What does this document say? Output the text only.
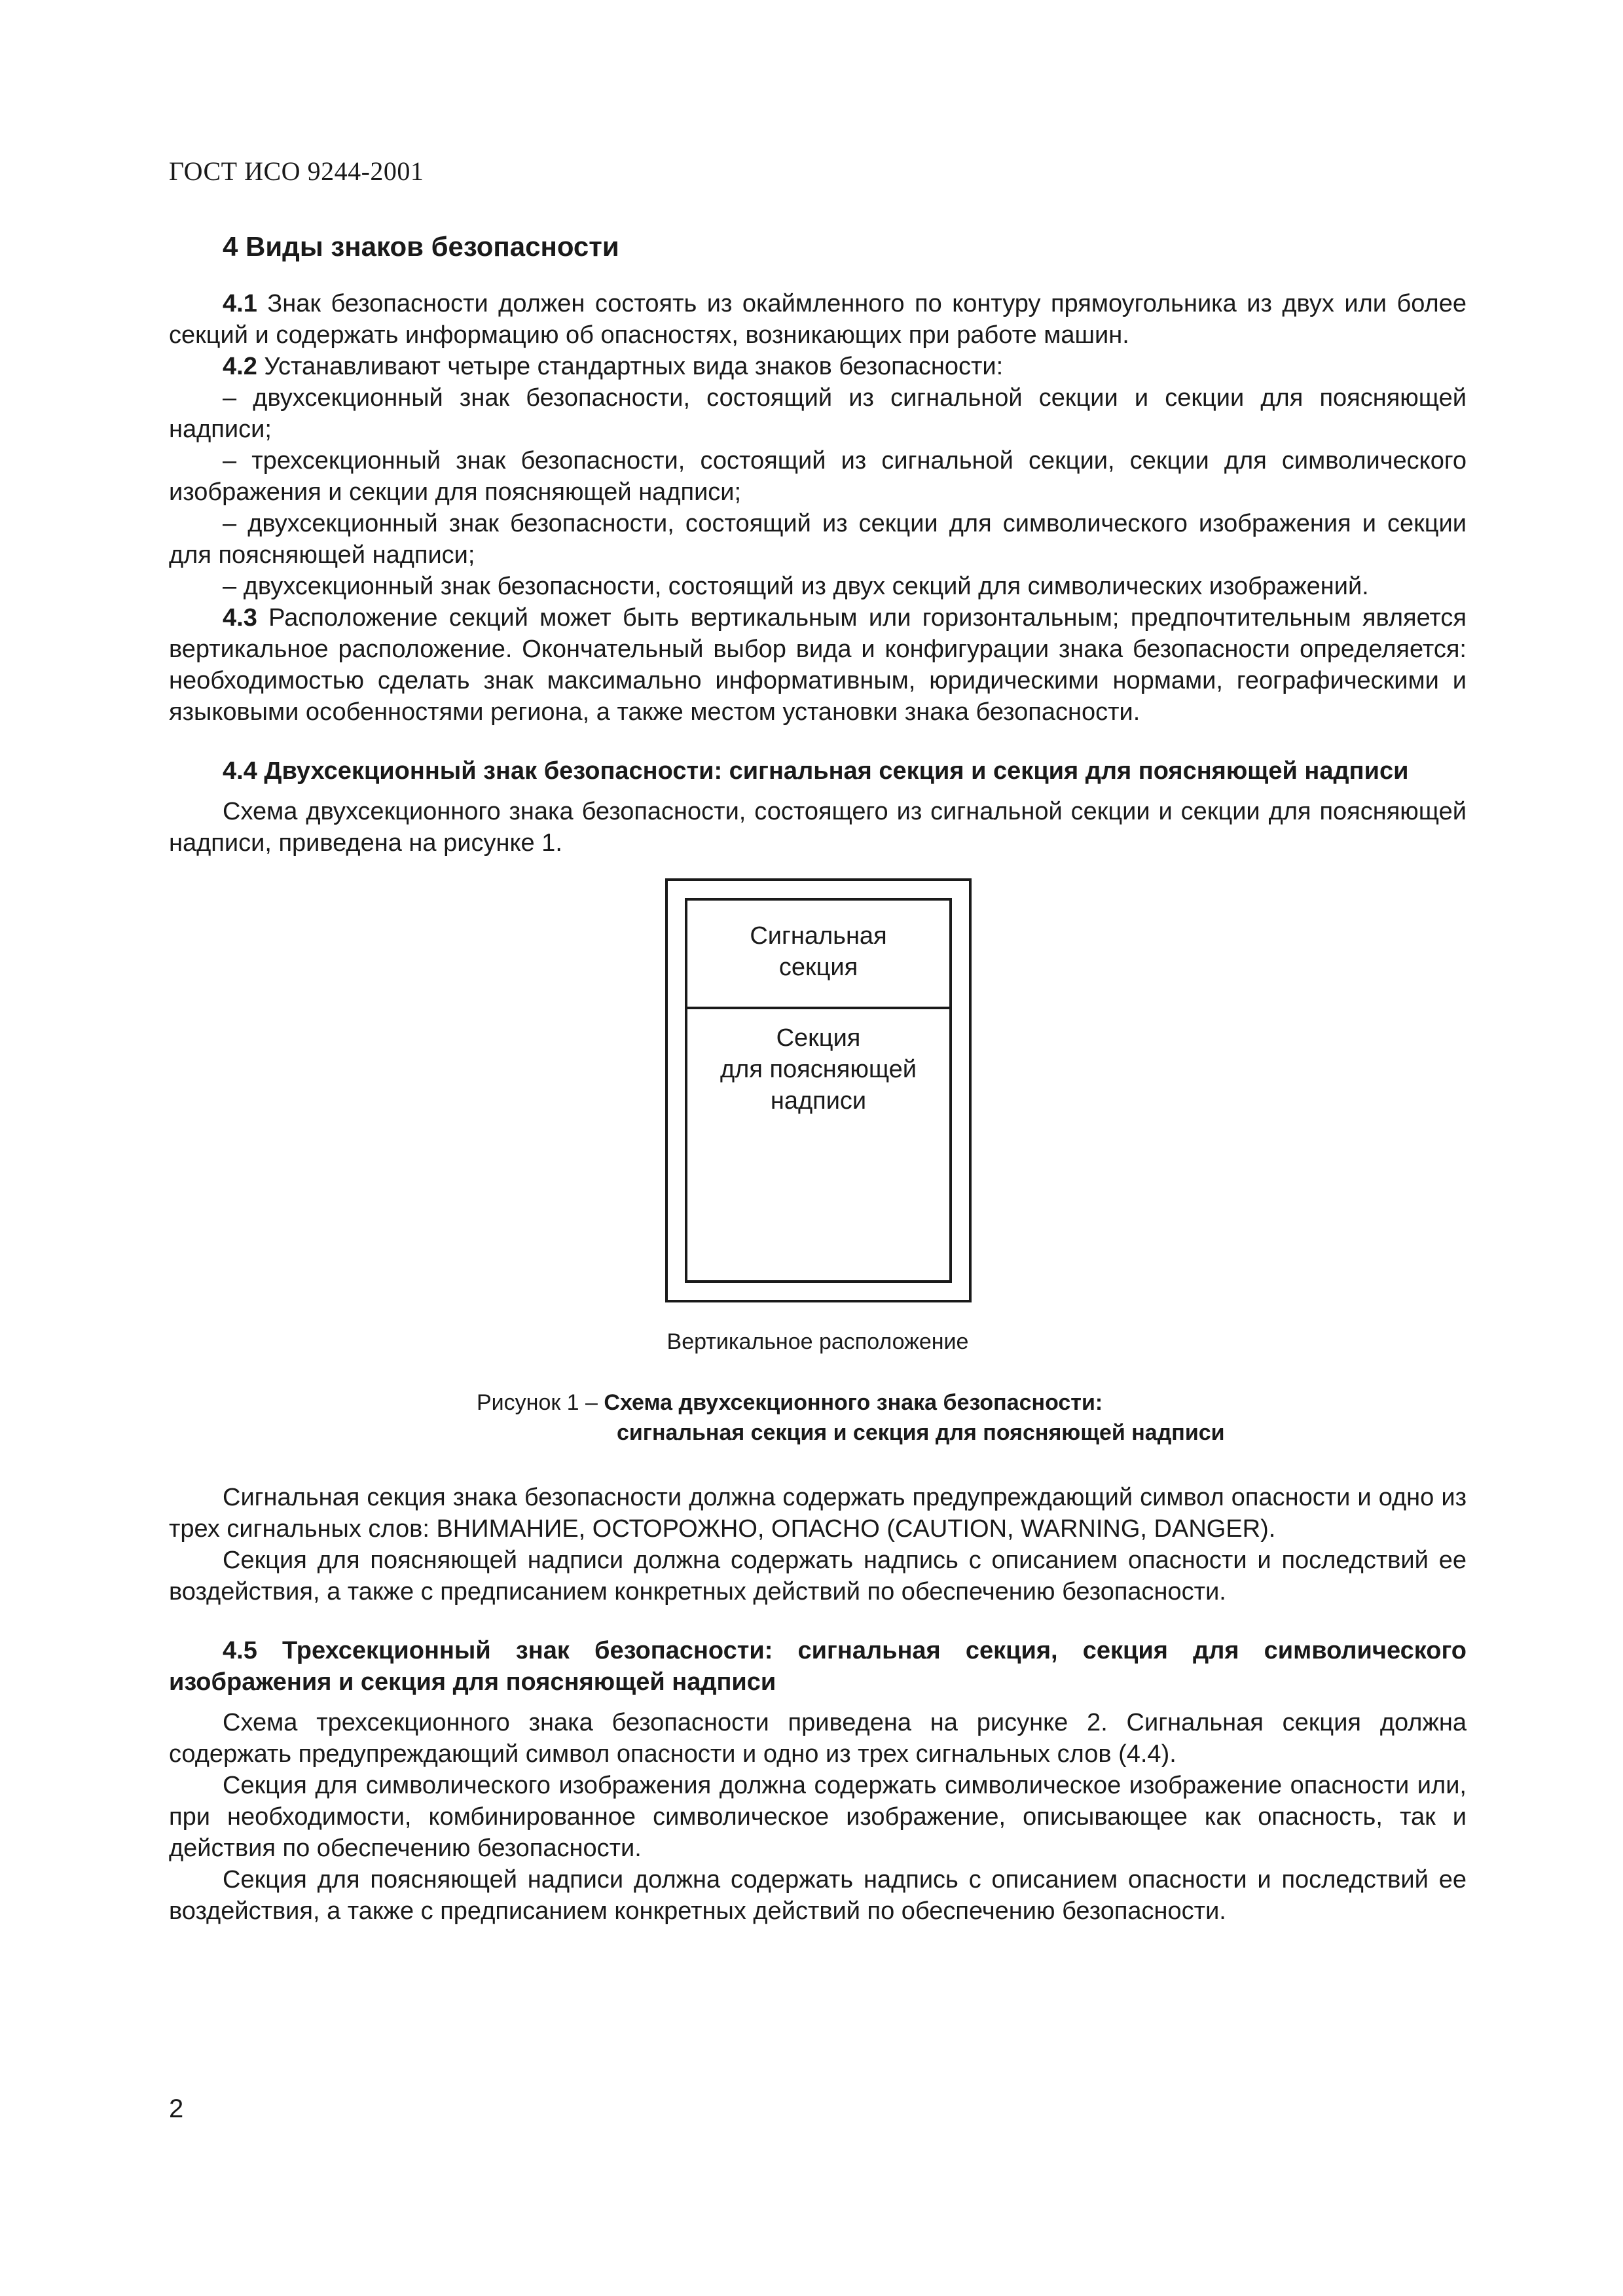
ГОСТ ИСО 9244-2001
4 Виды знаков безопасности

4.1 Знак безопасности должен состоять из окаймленного по контуру прямоугольника из двух или более секций и содержать информацию об опасностях, возникающих при работе машин.

4.2 Устанавливают четыре стандартных вида знаков безопасности:

– двухсекционный знак безопасности, состоящий из сигнальной секции и секции для поясняющей надписи;

– трехсекционный знак безопасности, состоящий из сигнальной секции, секции для символического изображения и секции для поясняющей надписи;

– двухсекционный знак безопасности, состоящий из секции для символического изображения и секции для поясняющей надписи;

– двухсекционный знак безопасности, состоящий из двух секций для символических изображений.

4.3 Расположение секций может быть вертикальным или горизонтальным; предпочтительным является вертикальное расположение. Окончательный выбор вида и конфигурации знака безопасности определяется: необходимостью сделать знак максимально информативным, юридическими нормами, географическими и языковыми особенностями региона, а также местом установки знака безопасности.

4.4 Двухсекционный знак безопасности: сигнальная секция и секция для поясняющей надписи

Схема двухсекционного знака безопасности, состоящего из сигнальной секции и секции для поясняющей надписи, приведена на рисунке 1.

Сигнальная
секция
Секция
для поясняющей
надписи
Вертикальное расположение
Рисунок 1 – Схема двухсекционного знака безопасности:
сигнальная секция и секция для поясняющей надписи

Сигнальная секция знака безопасности должна содержать предупреждающий символ опасности и одно из трех сигнальных слов: ВНИМАНИЕ, ОСТОРОЖНО, ОПАСНО (CAUTION, WARNING, DANGER).

Секция для поясняющей надписи должна содержать надпись с описанием опасности и последствий ее воздействия, а также с предписанием конкретных действий по обеспечению безопасности.

4.5 Трехсекционный знак безопасности: сигнальная секция, секция для символического изображения и секция для поясняющей надписи

Схема трехсекционного знака безопасности приведена на рисунке 2. Сигнальная секция должна содержать предупреждающий символ опасности и одно из трех сигнальных слов (4.4).

Секция для символического изображения должна содержать символическое изображение опасности или, при необходимости, комбинированное символическое изображение, описывающее как опасность, так и действия по обеспечению безопасности.

Секция для поясняющей надписи должна содержать надпись с описанием опасности и последствий ее воздействия, а также с предписанием конкретных действий по обеспечению безопасности.

2
